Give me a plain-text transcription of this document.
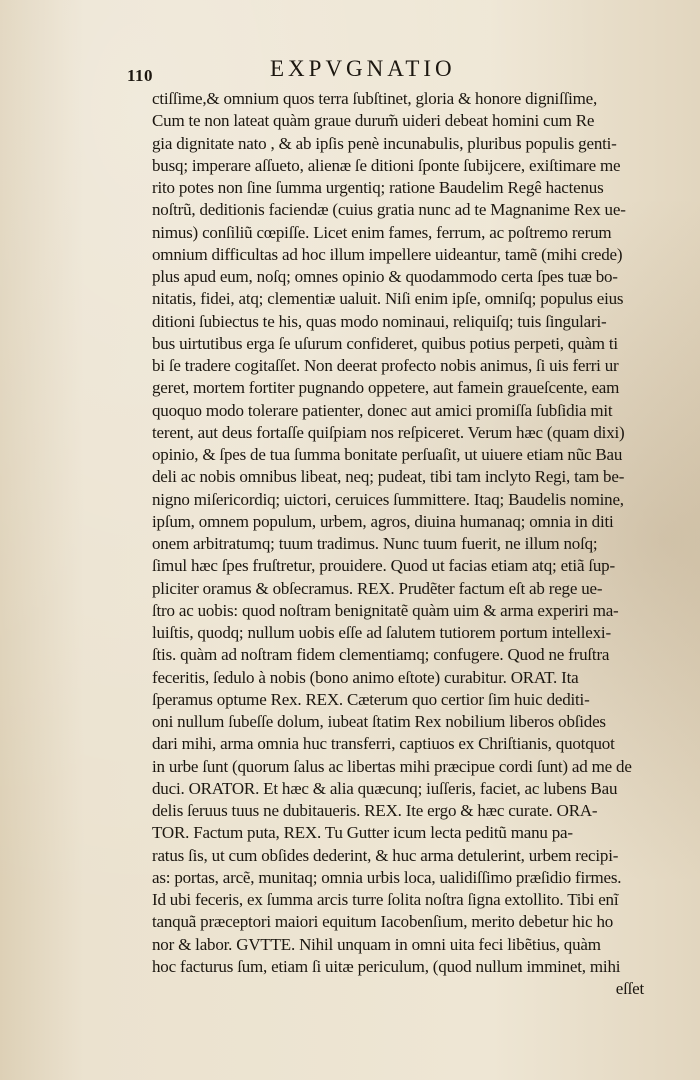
110	EXPVGNATIO
ctiſſime,& omnium quos terra ſubſtinet, gloria & honore digniſſime,
Cum te non lateat quàm graue durum̃ uideri debeat homini cum Re
gia dignitate nato , & ab ipſis penè incunabulis, pluribus populis genti-
busq; imperare aſſueto, alienæ ſe ditioni ſponte ſubijcere, exiſtimare me
rito potes non ſine ſumma urgentiq; ratione Baudelim Regê hactenus
noſtrũ, deditionis faciendæ (cuius gratia nunc ad te Magnanime Rex ue-
nimus) conſiliũ cœpiſſe. Licet enim fames, ferrum, ac poſtremo rerum
omnium difficultas ad hoc illum impellere uideantur, tamẽ (mihi crede)
plus apud eum, noſq; omnes opinio & quodammodo certa ſpes tuæ bo-
nitatis, fidei, atq; clementiæ ualuit. Niſi enim ipſe, omniſq; populus eius
ditioni ſubiectus te his, quas modo nominaui, reliquiſq; tuis ſingulari-
bus uirtutibus erga ſe uſurum confideret, quibus potius perpeti, quàm ti
bi ſe tradere cogitaſſet. Non deerat profecto nobis animus, ſi uis ferri ur
geret, mortem fortiter pugnando oppetere, aut famein graueſcente, eam
quoquo modo tolerare patienter, donec aut amici promiſſa ſubſidia mit
terent, aut deus fortaſſe quiſpiam nos reſpiceret. Verum hæc (quam dixi)
opinio, & ſpes de tua ſumma bonitate perſuaſit, ut uiuere etiam nũc Bau
deli ac nobis omnibus libeat, neq; pudeat, tibi tam inclyto Regi, tam be-
nigno miſericordiq; uictori, ceruices ſummittere. Itaq; Baudelis nomine,
ipſum, omnem populum, urbem, agros, diuina humanaq; omnia in diti
onem arbitratumq; tuum tradimus. Nunc tuum fuerit, ne illum noſq;
ſimul hæc ſpes fruſtretur, prouidere. Quod ut facias etiam atq; etiã ſup-
pliciter oramus & obſecramus. REX. Prudẽter factum eſt ab rege ue-
ſtro ac uobis: quod noſtram benignitatẽ quàm uim & arma experiri ma-
luiſtis, quodq; nullum uobis eſſe ad ſalutem tutiorem portum intellexi-
ſtis. quàm ad noſtram fidem clementiamq; confugere. Quod ne fruſtra
feceritis, ſedulo à nobis (bono animo eſtote) curabitur. ORAT. Ita
ſperamus optume Rex. REX. Cæterum quo certior ſim huic dediti-
oni nullum ſubeſſe dolum, iubeat ſtatim Rex nobilium liberos obſides
dari mihi, arma omnia huc transferri, captiuos ex Chriſtianis, quotquot
in urbe ſunt (quorum ſalus ac libertas mihi præcipue cordi ſunt) ad me de
duci. ORATOR. Et hæc & alia quæcunq; iuſſeris, faciet, ac lubens Bau
delis ſeruus tuus ne dubitaueris. REX. Ite ergo & hæc curate. ORA-
TOR. Factum puta, REX. Tu Gutter icum lecta peditũ manu pa-
ratus ſis, ut cum obſides dederint, & huc arma detulerint, urbem recipi-
as: portas, arcẽ, munitaq; omnia urbis loca, ualidiſſimo præſidio firmes.
Id ubi feceris, ex ſumma arcis turre ſolita noſtra ſigna extollito. Tibi enĩ
tanquã præceptori maiori equitum Iacobenſium, merito debetur hic ho
nor & labor. GVTTE. Nihil unquam in omni uita feci libẽtius, quàm
hoc facturus ſum, etiam ſi uitæ periculum, (quod nullum imminet, mihi
eſſet
